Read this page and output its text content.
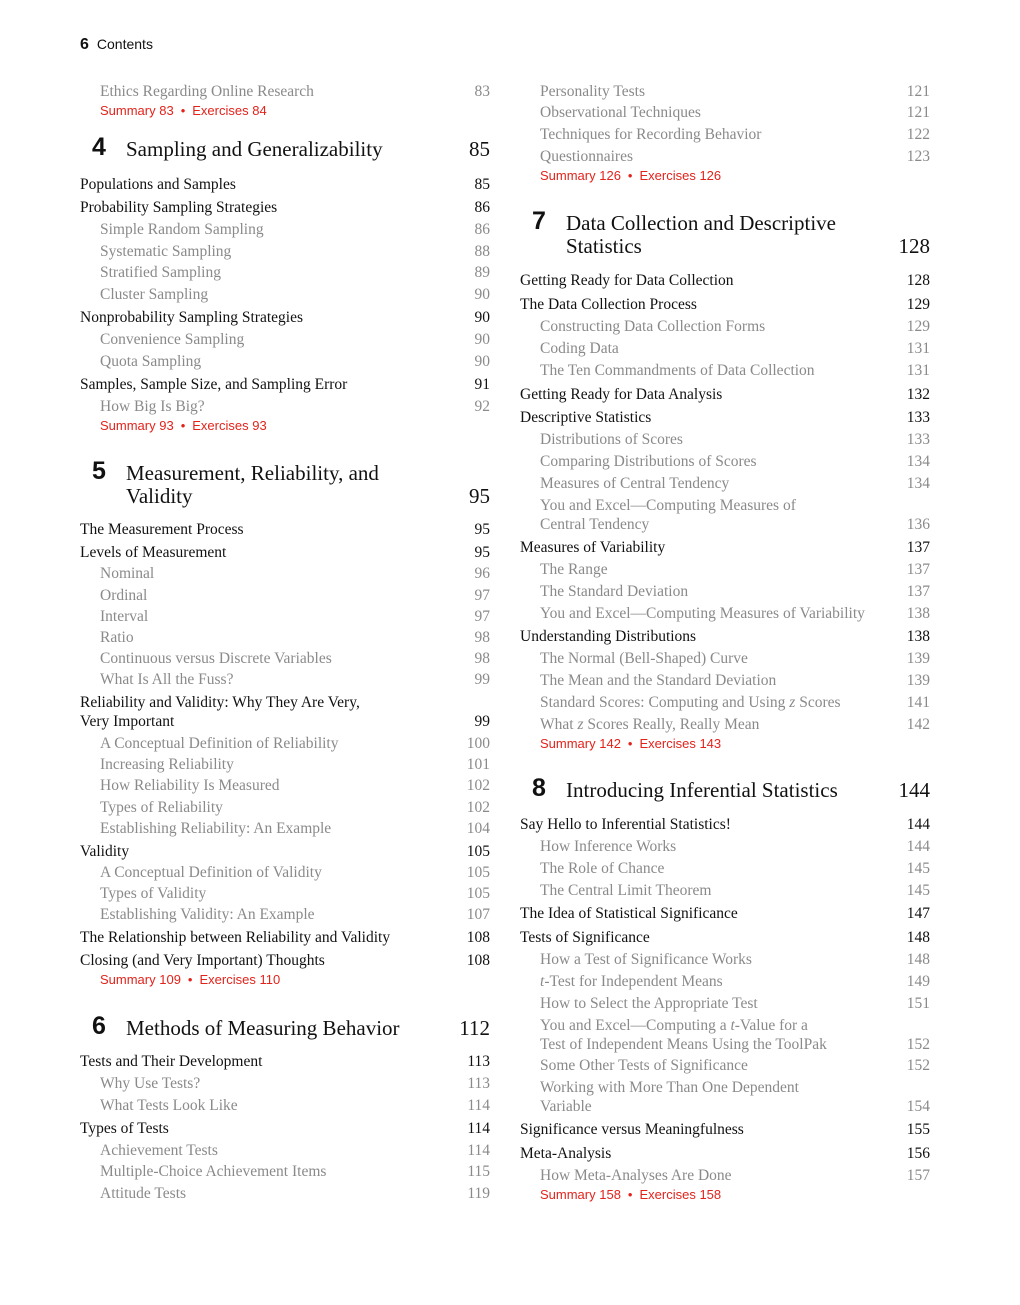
6 Contents
Ethics Regarding Online Research	83
Summary 83 • Exercises 84
4 Sampling and Generalizability	85
Populations and Samples	85
Probability Sampling Strategies	86
Simple Random Sampling	86
Systematic Sampling	88
Stratified Sampling	89
Cluster Sampling	90
Nonprobability Sampling Strategies	90
Convenience Sampling	90
Quota Sampling	90
Samples, Sample Size, and Sampling Error	91
How Big Is Big?	92
Summary 93 • Exercises 93
5 Measurement, Reliability, and
Validity	95
The Measurement Process	95
Levels of Measurement	95
Nominal	96
Ordinal	97
Interval	97
Ratio	98
Continuous versus Discrete Variables	98
What Is All the Fuss?	99
Reliability and Validity: Why They Are Very,
Very Important	99
A Conceptual Definition of Reliability	100
Increasing Reliability	101
How Reliability Is Measured	102
Types of Reliability	102
Establishing Reliability: An Example	104
Validity	105
A Conceptual Definition of Validity	105
Types of Validity	105
Establishing Validity: An Example	107
The Relationship between Reliability and Validity	108
Closing (and Very Important) Thoughts	108
Summary 109 • Exercises 110
6 Methods of Measuring Behavior	112
Tests and Their Development	113
Why Use Tests?	113
What Tests Look Like	114
Types of Tests	114
Achievement Tests	114
Multiple-Choice Achievement Items	115
Attitude Tests	119
Personality Tests	121
Observational Techniques	121
Techniques for Recording Behavior	122
Questionnaires	123
Summary 126 • Exercises 126
7 Data Collection and Descriptive
Statistics	128
Getting Ready for Data Collection	128
The Data Collection Process	129
Constructing Data Collection Forms	129
Coding Data	131
The Ten Commandments of Data Collection	131
Getting Ready for Data Analysis	132
Descriptive Statistics	133
Distributions of Scores	133
Comparing Distributions of Scores	134
Measures of Central Tendency	134
You and Excel—Computing Measures of
Central Tendency	136
Measures of Variability	137
The Range	137
The Standard Deviation	137
You and Excel—Computing Measures of Variability	138
Understanding Distributions	138
The Normal (Bell-Shaped) Curve	139
The Mean and the Standard Deviation	139
Standard Scores: Computing and Using z Scores	141
What z Scores Really, Really Mean	142
Summary 142 • Exercises 143
8 Introducing Inferential Statistics	144
Say Hello to Inferential Statistics!	144
How Inference Works	144
The Role of Chance	145
The Central Limit Theorem	145
The Idea of Statistical Significance	147
Tests of Significance	148
How a Test of Significance Works	148
t-Test for Independent Means	149
How to Select the Appropriate Test	151
You and Excel—Computing a t-Value for a
Test of Independent Means Using the ToolPak	152
Some Other Tests of Significance	152
Working with More Than One Dependent
Variable	154
Significance versus Meaningfulness	155
Meta-Analysis	156
How Meta-Analyses Are Done	157
Summary 158 • Exercises 158
